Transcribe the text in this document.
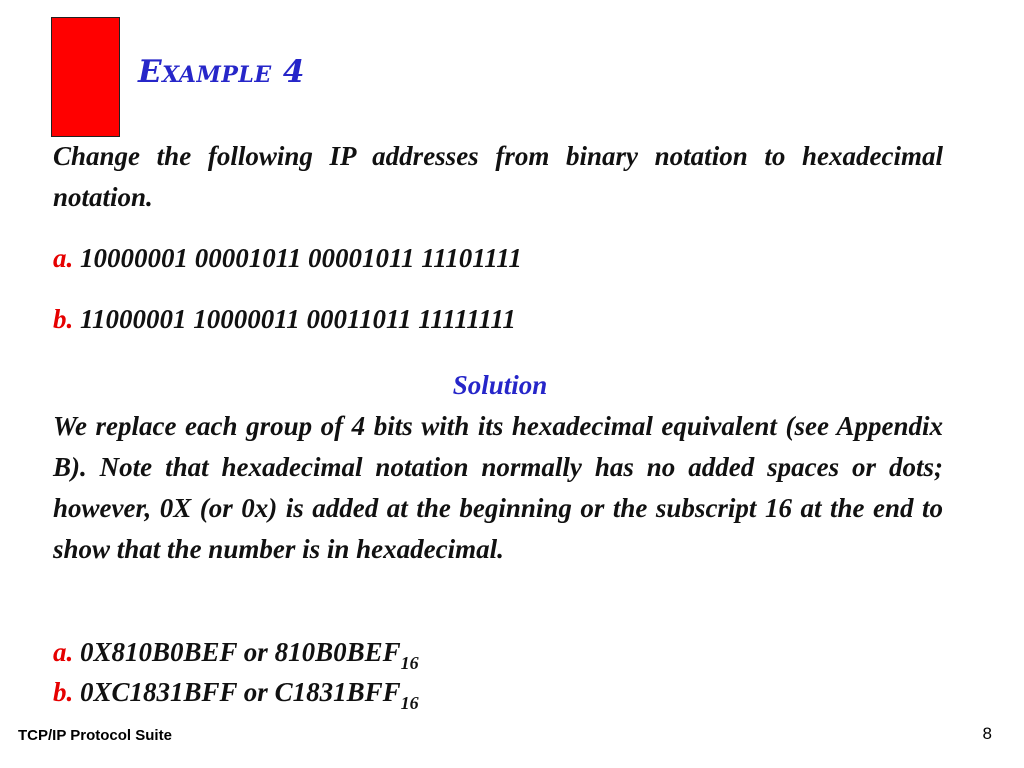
Example 4
Change the following IP addresses from binary notation to hexadecimal notation.
a. 10000001 00001011 00001011 11101111
b. 11000001 10000011 00011011 11111111
Solution
We replace each group of 4 bits with its hexadecimal equivalent (see Appendix B). Note that hexadecimal notation normally has no added spaces or dots; however, 0X (or 0x) is added at the beginning or the subscript 16 at the end to show that the number is in hexadecimal.
a. 0X810B0BEF or $810B0BEF_{16}$
b. 0XC1831BFF or $C1831BFF_{16}$
TCP/IP Protocol Suite	8
